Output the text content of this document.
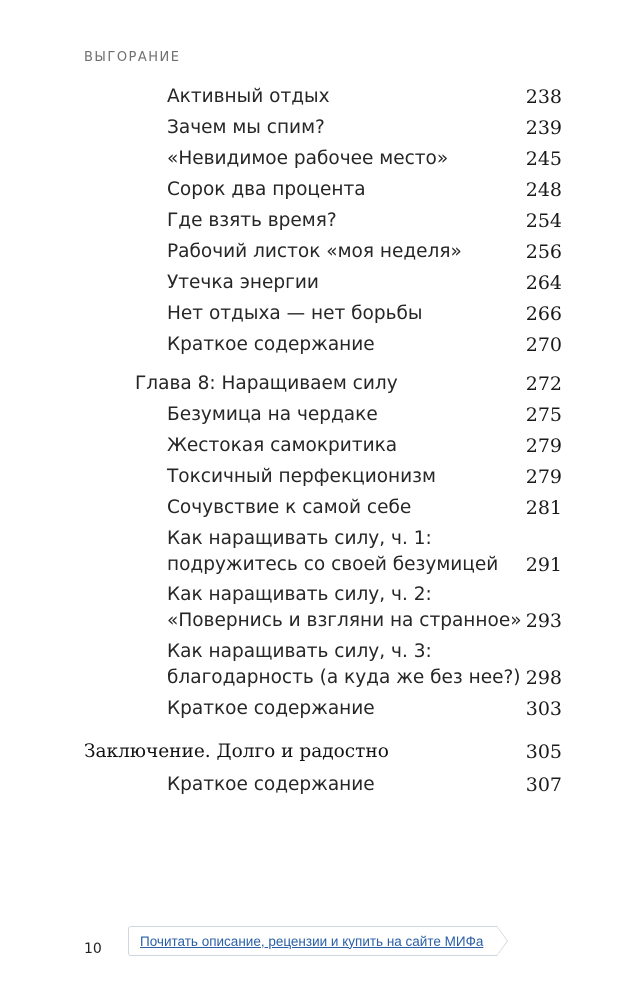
ВЫГОРАНИЕ
Активный отдых	238
Зачем мы спим?	239
«Невидимое рабочее место»	245
Сорок два процента	248
Где взять время?	254
Рабочий листок «моя неделя»	256
Утечка энергии	264
Нет отдыха — нет борьбы	266
Краткое содержание	270
Глава 8: Наращиваем силу	272
Безумица на чердаке	275
Жестокая самокритика	279
Токсичный перфекционизм	279
Сочувствие к самой себе	281
Как наращивать силу, ч. 1:
подружитесь со своей безумицей 291
Как наращивать силу, ч. 2:
«Повернись и взгляни на странное» 293
Как наращивать силу, ч. 3:
благодарность (а куда же без нее?) 298
Краткое содержание	303
Заключение. Долго и радостно	305
Краткое содержание	307
10	Почитать описание, рецензии и купить на сайте МИФа
